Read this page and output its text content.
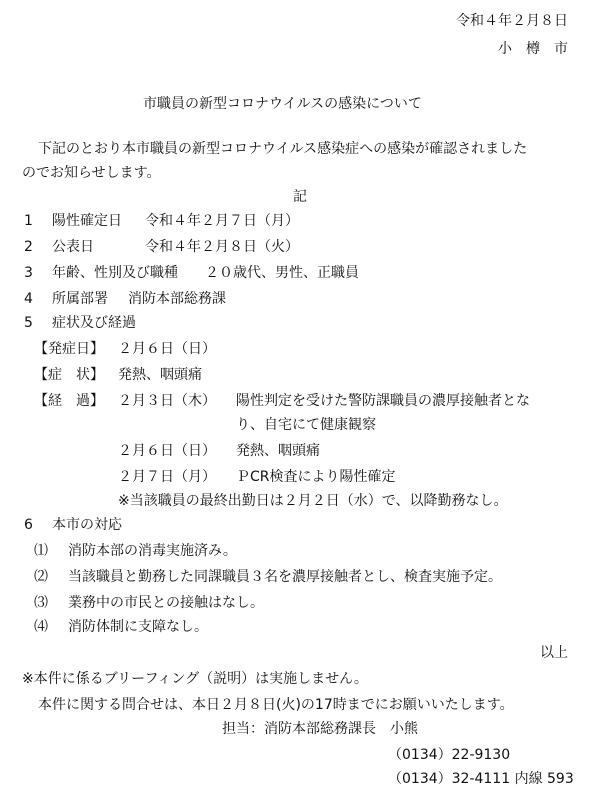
令和４年２月８日
小　樽　市
市職員の新型コロナウイルスの感染について
下記のとおり本市職員の新型コロナウイルス感染症への感染が確認されました
のでお知らせします。
記
1 陽性確定日 令和４年２月７日（月）
2 公表日	令和４年２月８日（火）
3 年齢、性別及び職種 ２０歳代、男性、正職員
4 所属部署 消防本部総務課
5 症状及び経過
【発症日】 ２月６日（日）
【症　状】 発熱、咽頭痛
【経　過】 ２月３日（木） 陽性判定を受けた警防課職員の濃厚接触者とな
り、自宅にて健康観察
２月６日（日） 発熱、咽頭痛
２月７日（月） ＰCR検査により陽性確定
※当該職員の最終出勤日は２月２日（水）で、以降勤務なし。
6 本市の対応
⑴ 消防本部の消毒実施済み。
⑵ 当該職員と勤務した同課職員３名を濃厚接触者とし、検査実施予定。
⑶ 業務中の市民との接触はなし。
⑷ 消防体制に支障なし。
以上
※本件に係るブリーフィング（説明）は実施しません。
本件に関する問合せは、本日２月８日(火)の17時までにお願いいたします。
担当：消防本部総務課長　小熊
（0134）22-9130
（0134）32-4111 内線 593
